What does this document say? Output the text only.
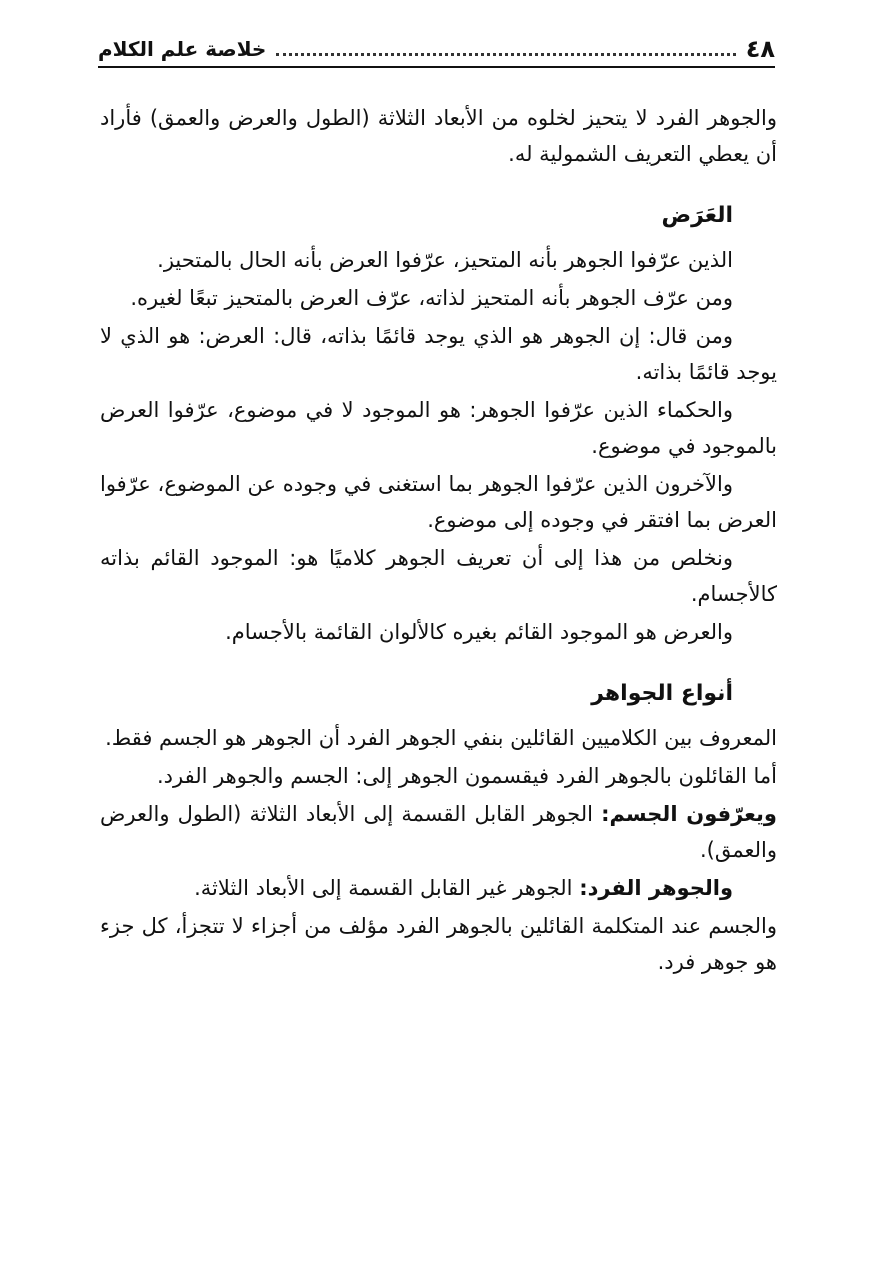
٤٨
خلاصة علم الكلام

والجوهر الفرد لا يتحيز لخلوه من الأبعاد الثلاثة (الطول والعرض والعمق) فأراد أن يعطي التعريف الشمولية له.

العَرَض

الذين عرّفوا الجوهر بأنه المتحيز، عرّفوا العرض بأنه الحال بالمتحيز.

ومن عرّف الجوهر بأنه المتحيز لذاته، عرّف العرض بالمتحيز تبعًا لغيره.

ومن قال: إن الجوهر هو الذي يوجد قائمًا بذاته، قال: العرض: هو الذي لا يوجد قائمًا بذاته.

والحكماء الذين عرّفوا الجوهر: هو الموجود لا في موضوع، عرّفوا العرض بالموجود في موضوع.

والآخرون الذين عرّفوا الجوهر بما استغنى في وجوده عن الموضوع، عرّفوا العرض بما افتقر في وجوده إلى موضوع.

ونخلص من هذا إلى أن تعريف الجوهر كلاميًا هو: الموجود القائم بذاته كالأجسام.

والعرض هو الموجود القائم بغيره كالألوان القائمة بالأجسام.

أنواع الجواهر

المعروف بين الكلاميين القائلين بنفي الجوهر الفرد أن الجوهر هو الجسم فقط.

أما القائلون بالجوهر الفرد فيقسمون الجوهر إلى: الجسم والجوهر الفرد.

ويعرّفون الجسم: الجوهر القابل القسمة إلى الأبعاد الثلاثة (الطول والعرض والعمق).

والجوهر الفرد: الجوهر غير القابل القسمة إلى الأبعاد الثلاثة.

والجسم عند المتكلمة القائلين بالجوهر الفرد مؤلف من أجزاء لا تتجزأ، كل جزء هو جوهر فرد.
